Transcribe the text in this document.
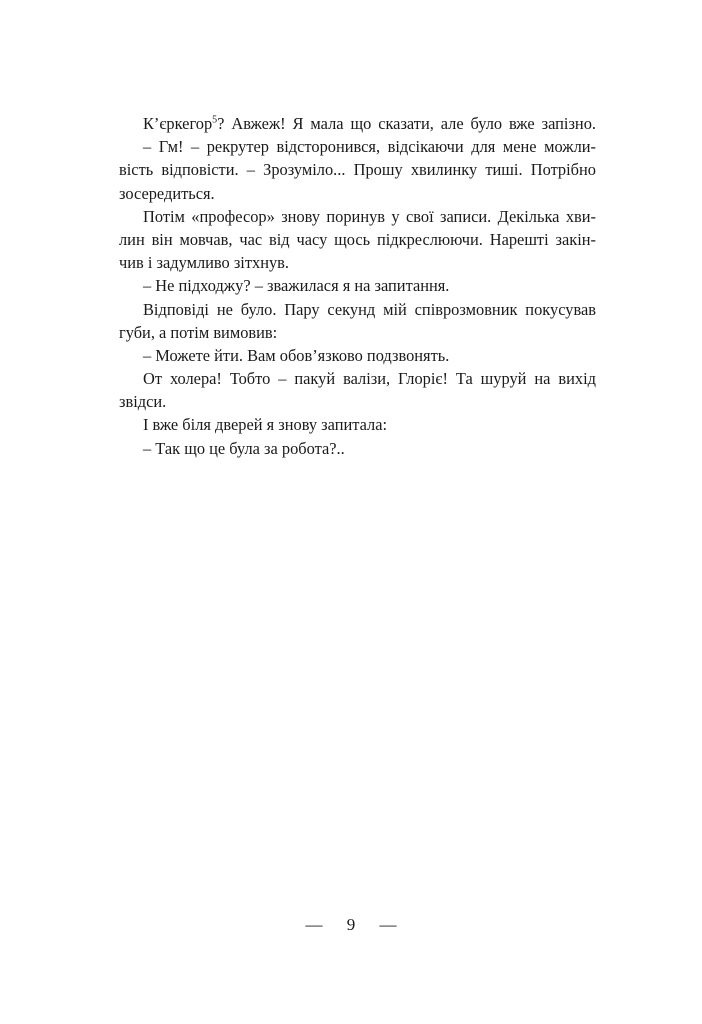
К’єркегор$^5$? Авжеж! Я мала що сказати, але було вже запізно.
– Гм! – рекрутер відсторонився, відсікаючи для мене можли-
вість відповісти. – Зрозуміло... Прошу хвилинку тиші. Потрібно
зосередиться.
Потім «професор» знову поринув у свої записи. Декілька хви-
лин він мовчав, час від часу щось підкреслюючи. Нарешті закін-
чив і задумливо зітхнув.
– Не підходжу? – зважилася я на запитання.
Відповіді не було. Пару секунд мій співрозмовник покусував
губи, а потім вимовив:
– Можете йти. Вам обов’язково подзвонять.
От холера! Тобто – пакуй валізи, Глоріє! Та шуруй на вихід
звідси.
І вже біля дверей я знову запитала:
– Так що це була за робота?..
— 9 —
